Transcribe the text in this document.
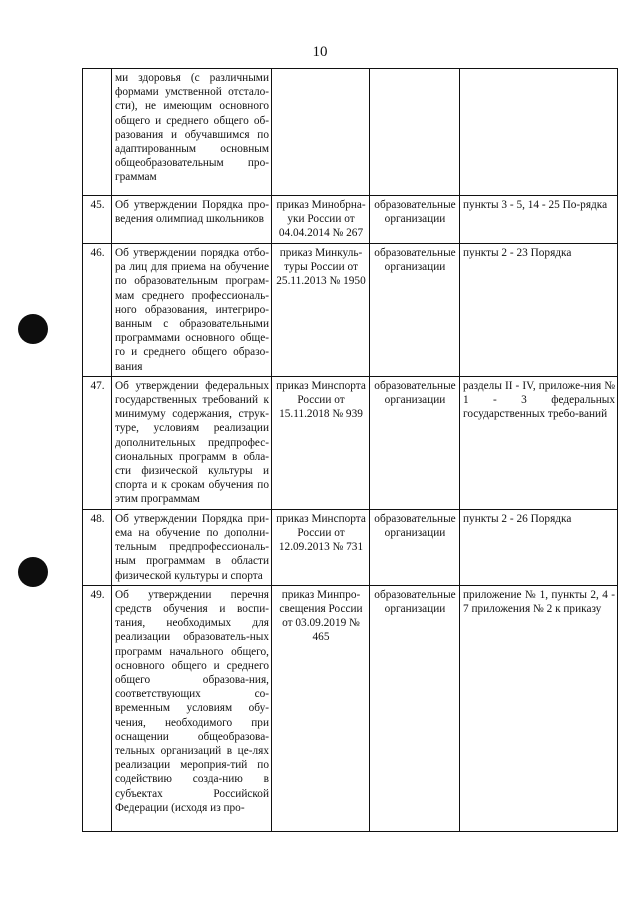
10
	ми здоровья (с различными формами умственной отстало-сти), не имеющим основного общего и среднего общего об-разования и обучавшимся по адаптированным основным общеобразовательным про-граммам			
45.	Об утверждении Порядка про-ведения олимпиад школьников	приказ Минобрна-уки России от 04.04.2014 № 267	образовательные организации	пункты 3 - 5, 14 - 25 По-рядка
46.	Об утверждении порядка отбо-ра лиц для приема на обучение по образовательным програм-мам среднего профессиональ-ного образования, интегриро-ванным с образовательными программами основного обще-го и среднего общего образо-вания	приказ Минкуль-туры России от 25.11.2013 № 1950	образовательные организации	пункты 2 - 23 Порядка
47.	Об утверждении федеральных государственных требований к минимуму содержания, струк-туре, условиям реализации дополнительных предпрофес-сиональных программ в обла-сти физической культуры и спорта и к срокам обучения по этим программам	приказ Минспорта России от 15.11.2018 № 939	образовательные организации	разделы II - IV, приложе-ния № 1 - 3 федеральных государственных требо-ваний
48.	Об утверждении Порядка при-ема на обучение по дополни-тельным предпрофессиональ-ным программам в области физической культуры и спорта	приказ Минспорта России от 12.09.2013 № 731	образовательные организации	пункты 2 - 26 Порядка
49.	Об утверждении перечня средств обучения и воспи-тания, необходимых для реализации образователь-ных программ начального общего, основного общего и среднего общего образова-ния, соответствующих со-временным условиям обу-чения, необходимого при оснащении общеобразова-тельных организаций в це-лях реализации мероприя-тий по содействию созда-нию в субъектах Российской Федерации (исходя из про-	приказ Минпро-свещения России от 03.09.2019 № 465	образовательные организации	приложение № 1, пункты 2, 4 - 7 приложения № 2 к приказу
